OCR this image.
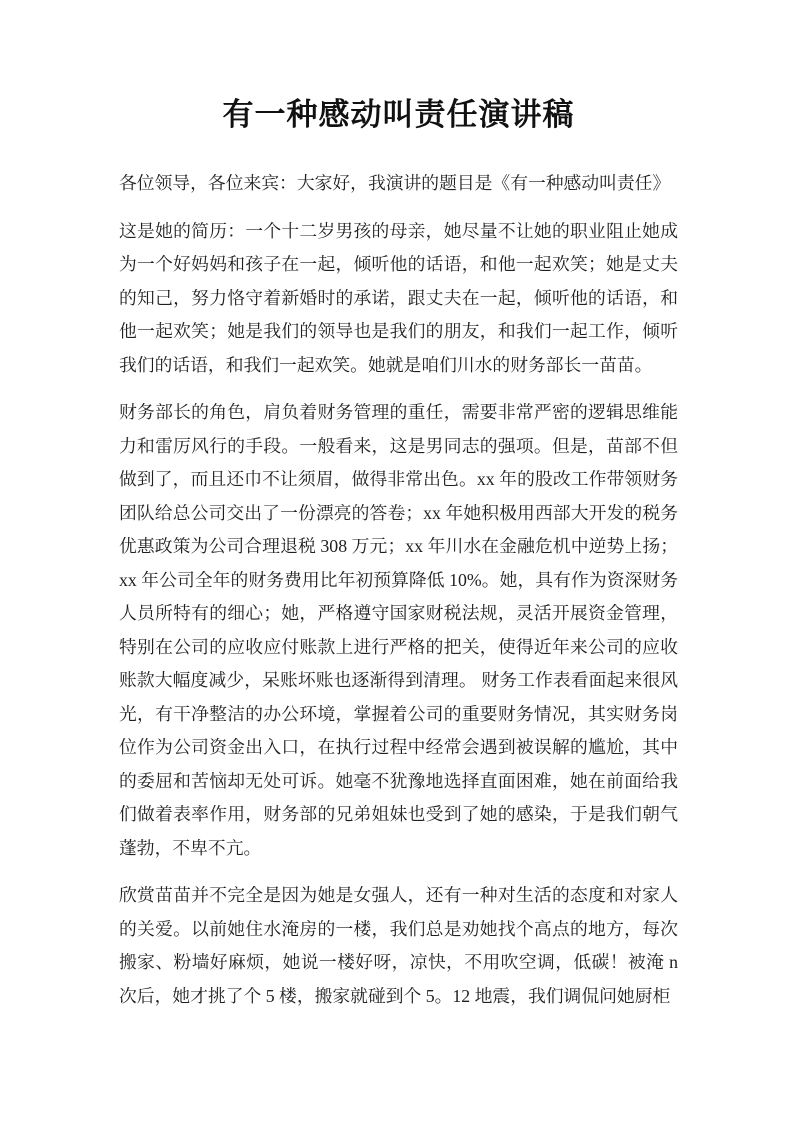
有一种感动叫责任演讲稿

各位领导，各位来宾：大家好，我演讲的题目是《有一种感动叫责任》

这是她的简历：一个十二岁男孩的母亲，她尽量不让她的职业阻止她成为一个好妈妈和孩子在一起，倾听他的话语，和他一起欢笑；她是丈夫的知己，努力恪守着新婚时的承诺，跟丈夫在一起，倾听他的话语，和他一起欢笑；她是我们的领导也是我们的朋友，和我们一起工作，倾听我们的话语，和我们一起欢笑。她就是咱们川水的财务部长一苗苗。

财务部长的角色，肩负着财务管理的重任，需要非常严密的逻辑思维能力和雷厉风行的手段。一般看来，这是男同志的强项。但是，苗部不但做到了，而且还巾不让须眉，做得非常出色。xx 年的股改工作带领财务团队给总公司交出了一份漂亮的答卷；xx 年她积极用西部大开发的税务优惠政策为公司合理退税 308 万元；xx 年川水在金融危机中逆势上扬；xx 年公司全年的财务费用比年初预算降低 10%。她，具有作为资深财务人员所特有的细心；她，严格遵守国家财税法规，灵活开展资金管理，特别在公司的应收应付账款上进行严格的把关，使得近年来公司的应收账款大幅度减少，呆账坏账也逐渐得到清理。 财务工作表看面起来很风光，有干净整洁的办公环境，掌握着公司的重要财务情况，其实财务岗位作为公司资金出入口，在执行过程中经常会遇到被误解的尴尬，其中的委屈和苦恼却无处可诉。她毫不犹豫地选择直面困难，她在前面给我们做着表率作用，财务部的兄弟姐妹也受到了她的感染，于是我们朝气蓬勃，不卑不亢。

欣赏苗苗并不完全是因为她是女强人，还有一种对生活的态度和对家人的关爱。以前她住水淹房的一楼，我们总是劝她找个高点的地方，每次搬家、粉墙好麻烦，她说一楼好呀，凉快，不用吹空调，低碳！被淹 n 次后，她才挑了个 5 楼，搬家就碰到个 5。12 地震，我们调侃问她厨柜
